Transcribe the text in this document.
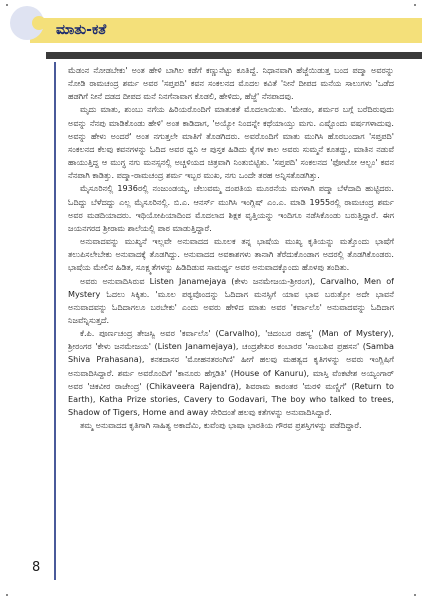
ಮಾತು-ಕತೆ

ಮೆಡಂನ ನೋಡಬೇಕು' ಅಂತ ಹೇಳಿ ಬಾಗಿಲ ಕಡೆಗೆ ಕಣ್ಣುನೆಟ್ಟು ಕೂತಿದ್ದೆ. ನಿಧಾನವಾಗಿ ಹೆಜ್ಜೆಯಿಡುತ್ತ ಬಂದ ಪದ್ಮಾ ಅವರನ್ನು ನೋಡಿ ರಾಮಚಂದ್ರ ಶರ್ಮ ಅವರ 'ಸಪ್ತಪದಿ' ಕವನ ಸಂಕಲನದ ಮೊದಲ ಕವಿತೆ 'ನೀನೆ ದೀಪದ ಮನೆಯ ಸಾಲುಗಳು 'ಒಡೆದ ಹಡಗಿಗೆ ನೀನೆ ದಡದ ದೀಪದ ಮನೆ ನಿನಗೆನಾವಾಗ ಕೊಡಲಿ, ಹೇಳಿದು, ಹೆಜ್ಜೆ' ನೆನಪಾದವು.

ಮೃದು ಮಾತು, ಶುಂಬು ನಗೆಯ ಹಿರಿಯರೊಂದಿಗೆ ಮಾತುಕತೆ ಮೊದಲಾಯಿತು. 'ಮೇಡಂ, ಶರ್ಮರ ಬಗ್ಗೆ ಬರೆದಿರುವುದು ಅವನ್ನು ನೆನಪು ಮಾಡಿಕೊಂಡು ಹೇಳಿ' ಅಂತ ಕಾಡಿದಾಗ, 'ಅಯ್ಯೋ ನಿಂದನ್ನೇ ಕಥೆಯಾಯ್ತು ಮಗು. ಎಷ್ಟೊಂದು ವರ್ಷಗಳಾದುವು. ಅವನ್ನು ಹೇಳು ಅಂದರೆ' ಅಂತ ನಗುತ್ತಲೇ ಮಾತಿಗೆ ತೊಡಗಿದರು. ಅವರೊಂದಿಗೆ ಮಾತು ಮುಗಿಸಿ ಹೊರಬಂದಾಗ 'ಸಪ್ತಪದಿ' ಸಂಕಲನದ ಕೆಲವು ಕವನಗಳನ್ನು ಓದಿದ ಅವರ ಧ್ವನಿ ಆ ಪುಸ್ತಕ ಹಿಡಿದು ಕೈಗಳ ಕಾಲ ಅವರು ಸುಮ್ಮನೆ ಕೂತದ್ದು, ಮಾತಿನ ನಡುವೆ ಹಾಯುತ್ತಿದ್ದ ಆ ಮುಗ್ಧ ನಗು ಮನಸ್ಸನಲ್ಲಿ ಅಚ್ಚಳಿಯದ ಚಿತ್ರವಾಗಿ ನಿಂತುಬಿಟ್ಟಿತು. 'ಸಪ್ತಪದಿ' ಸಂಕಲನದ 'ಫೋಟೋ ಆಲ್ಬಂ' ಕವನ ನೆನಪಾಗಿ ಕಾಡಿತ್ತು. ಪದ್ಮಾ-ರಾಮಚಂದ್ರ ಶರ್ಮ ಇಬ್ಬರ ಮುಖ, ನಗು ಒಂದೇ ತರಹ ಅನ್ನಿಸತೊಡಗಿತ್ತು.

ಮೈಸೂರಿನಲ್ಲಿ 1936ರಲ್ಲಿ ನಂಜುಂಡಯ್ಯ, ಚೆಲುವಮ್ಮ ದಂಪತಿಯ ಮೂರನೆಯ ಮಗಳಾಗಿ ಪದ್ಮಾ ಬೆಳೆದಾದಿ ಹುಟ್ಟಿದರು. ಓದಿದ್ದು ಬೆಳೆದದ್ದು ಎಲ್ಲ ಮೈಸೂರಿನಲ್ಲಿ. ಬಿ.ಎ. ಆನರ್ಸ್ ಮುಗಿಸಿ ಇಂಗ್ಲಿಷ್ ಎಂ.ಎ. ಮಾಡಿ 1955ರಲ್ಲಿ ರಾಮಚಂದ್ರ ಶರ್ಮ ಅವರ ಮಡದಿಯಾದರು. ಇಥಿಯೋಪಿಯಾದಿಂದ ಮೊದಲಾದ ಶಿಕ್ಷಕ ವೃತ್ತಿಯನ್ನು ಇಂದಿಗೂ ನಡೆಸಿಕೊಂಡು ಬರುತ್ತಿದ್ದಾರೆ. ಈಗ ಜಯನಗರದ ಶ್ರೀರಾಮ ಶಾಲೆಯಲ್ಲಿ ಪಾಠ ಮಾಡುತ್ತಿದ್ದಾರೆ.

ಅನುವಾದವನ್ನು ಮುಖ್ಯನೆ ಇಲ್ಲವೇ ಅನುವಾದದ ಮೂಲಕ ತನ್ನ ಭಾಷೆಯ ಮುಖ್ಯ ಕೃತಿಯನ್ನು ಮತ್ತೊಂದು ಭಾಷೆಗೆ ತಲುಪಿಸಲೇಬೇಕು ಅನುವಾದಕ್ಕೆ ತೊಡಗಿದ್ದು. ಅನುವಾದದ ಅವಕಾಶಗಳು ತಾನಾಗಿ ತೆರೆದುಕೊಂಡಾಗ ಅದರಲ್ಲಿ ತೊಡಗಿಕೊಂಡರು. ಭಾಷೆಯ ಮೇಲಿನ ಹಿಡಿತ, ಸೂಕ್ಷ್ಮತೆಗಳನ್ನು ಹಿಡಿದಿಡುವ ಸಾಮರ್ಥ್ಯ ಅವರ ಅನುವಾದಕ್ಕೊಂದು ಹೊಳಪು ತಂದಿತು.

ಅವರು ಅನುವಾದಿಸಿರುವ Listen Janamejaya (ಕೇಳು ಜನಮೇಜಯ-ಶ್ರೀರಂಗ), Carvalho, Men of Mystery ಓದಲು ಸಿಕ್ಕಿತು. 'ಮೂಲ ಪಠ್ಯವೊಂದನ್ನು ಓದಿದಾಗ ಮನಸ್ಸಿಗೆ ಯಾವ ಭಾವ ಬರುತ್ತೋ ಅದೇ ಭಾವನೆ ಅನುವಾದವನ್ನು ಓದಿದಾಗಲೂ ಬರಬೇಕು' ಎಂದು ಅವರು ಹೇಳಿದ ಮಾತು ಅವರ 'ಕರ್ವಾಲೊ' ಅನುವಾದವನ್ನು ಓದಿದಾಗ ನಿಜವೆನ್ನಿಸುತ್ತದೆ.

ಕೆ.ಪಿ. ಪೂರ್ಣಚಂದ್ರ ತೇಜಸ್ವಿ ಅವರ 'ಕರ್ವಾಲೊ' (Carvalho), 'ಚಿದಂಬರ ರಹಸ್ಯ' (Man of Mystery), ಶ್ರೀರಂಗರ 'ಕೇಳು ಜನಮೇಜಯ' (Listen Janamejaya), ಚಂದ್ರಶೇಖರ ಕಂಬಾರರ 'ಸಾಂಬಶಿವ ಪ್ರಹಸನ' (Samba Shiva Prahasana), ಕನಕದಾಸರ 'ಮೋಹನತರಂಗಿಣಿ' ಹೀಗೆ ಹಲವು ಮಹತ್ವದ ಕೃತಿಗಳನ್ನು ಅವರು ಇಂಗ್ಲಿಷಿಗೆ ಅನುವಾದಿಸಿದ್ದಾರೆ. ಶರ್ಮ ಅವರೊಂದಿಗೆ 'ಕಾನೂರು ಹೆಗ್ಗಡಿತಿ' (House of Kanuru), ಮಾಸ್ತಿ ವೆಂಕಟೇಶ ಅಯ್ಯಂಗಾರ್ ಅವರ 'ಚಿಕವೀರ ರಾಜೇಂದ್ರ' (Chikaveera Rajendra), ಶಿವರಾಮ ಕಾರಂತರ 'ಮರಳಿ ಮಣ್ಣಿಗೆ' (Return to Earth), Katha Prize stories, Cavery to Godavari, The boy who talked to trees, Shadow of Tigers, Home and away ಸೇರಿದಂತೆ ಹಲವು ಕತೆಗಳನ್ನು ಅನುವಾದಿಸಿದ್ದಾರೆ.

ತಮ್ಮ ಅನುವಾದದ ಕೃತಿಗಾಗಿ ಸಾಹಿತ್ಯ ಅಕಾದೆಮಿ, ಕುವೆಂಪು ಭಾಷಾ ಭಾರತಿಯ ಗೌರವ ಪ್ರಶಸ್ತಿಗಳನ್ನು ಪಡೆದಿದ್ದಾರೆ.

8
